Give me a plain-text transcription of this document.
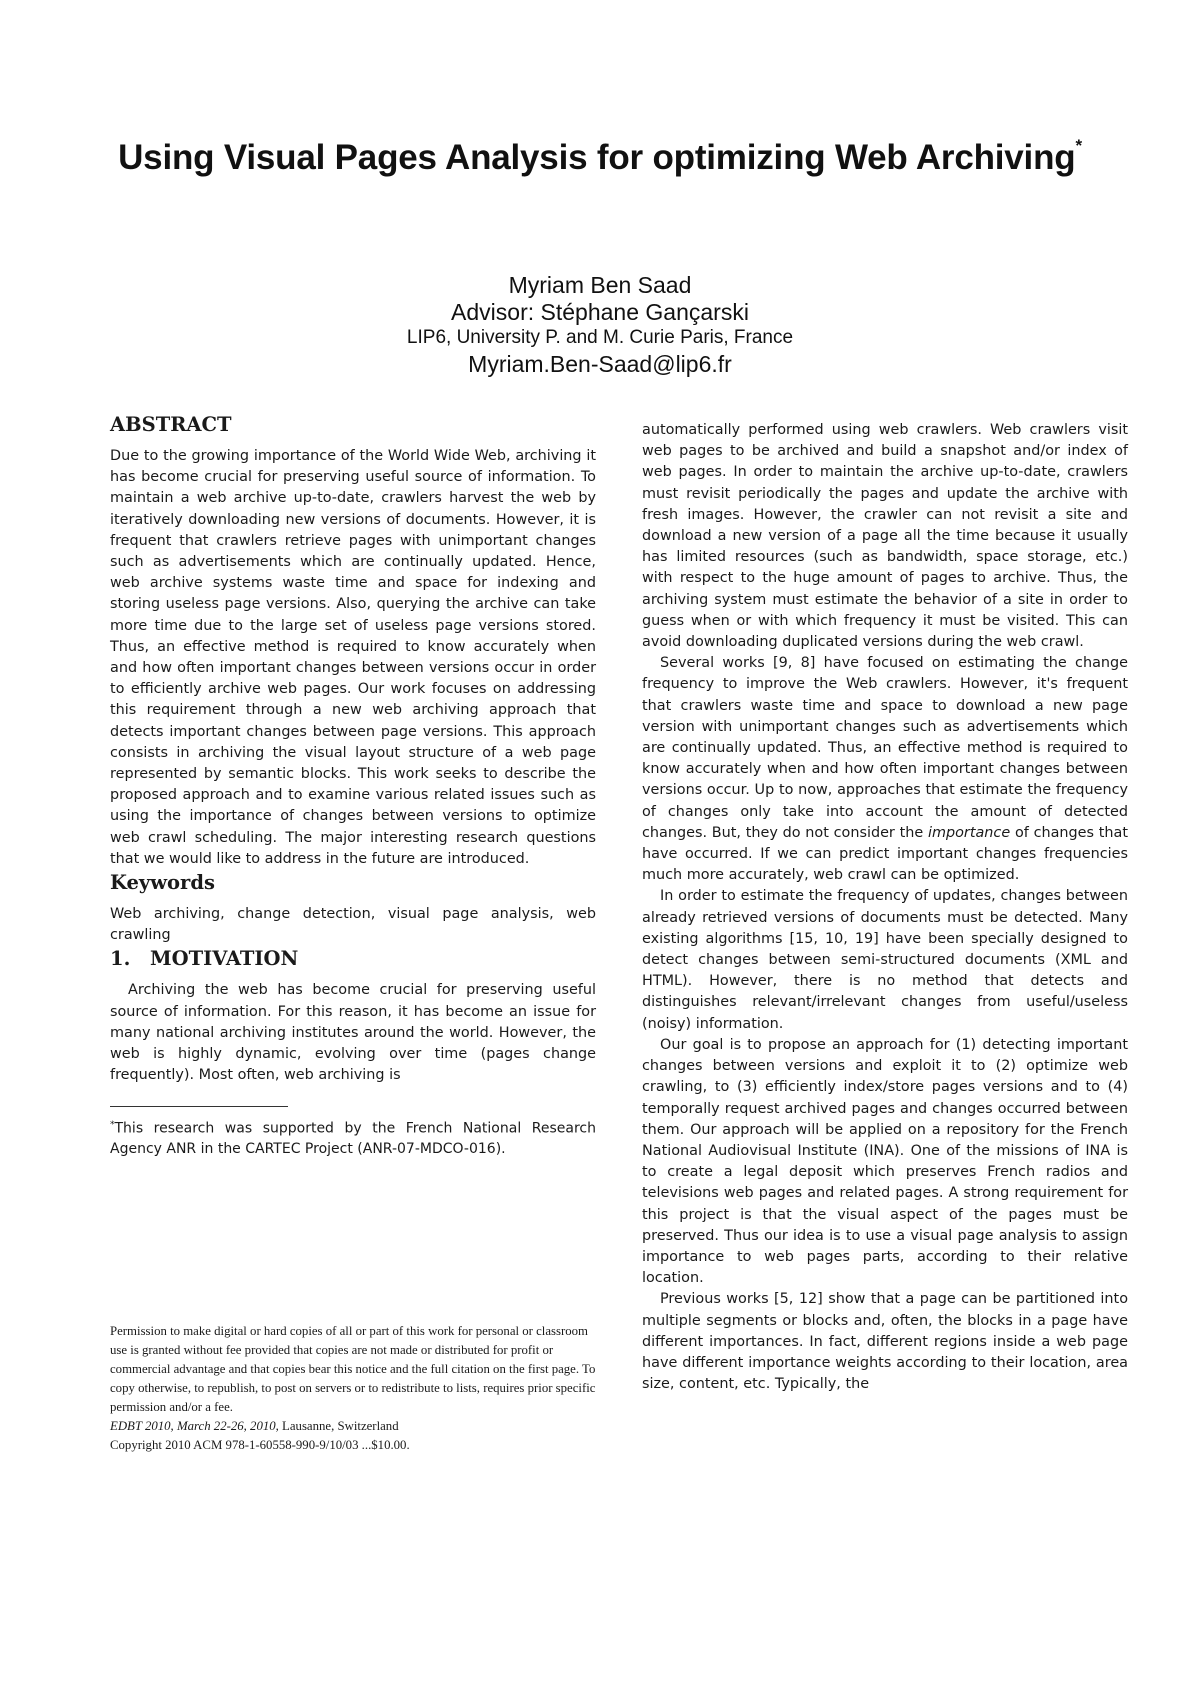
Using Visual Pages Analysis for optimizing Web Archiving*

Myriam Ben Saad

Advisor: Stéphane Gançarski

LIP6, University P. and M. Curie Paris, France

Myriam.Ben-Saad@lip6.fr

ABSTRACT

Due to the growing importance of the World Wide Web, archiving it has become crucial for preserving useful source of information. To maintain a web archive up-to-date, crawlers harvest the web by iteratively downloading new versions of documents. However, it is frequent that crawlers retrieve pages with unimportant changes such as advertisements which are continually updated. Hence, web archive systems waste time and space for indexing and storing useless page versions. Also, querying the archive can take more time due to the large set of useless page versions stored. Thus, an effective method is required to know accurately when and how often important changes between versions occur in order to efficiently archive web pages. Our work focuses on addressing this requirement through a new web archiving approach that detects important changes between page versions. This approach consists in archiving the visual layout structure of a web page represented by semantic blocks. This work seeks to describe the proposed approach and to examine various related issues such as using the importance of changes between versions to optimize web crawl scheduling. The major interesting research questions that we would like to address in the future are introduced.

Keywords

Web archiving, change detection, visual page analysis, web crawling

1. MOTIVATION

Archiving the web has become crucial for preserving useful source of information. For this reason, it has become an issue for many national archiving institutes around the world. However, the web is highly dynamic, evolving over time (pages change frequently). Most often, web archiving is

*This research was supported by the French National Research Agency ANR in the CARTEC Project (ANR-07-MDCO-016).

Permission to make digital or hard copies of all or part of this work for personal or classroom use is granted without fee provided that copies are not made or distributed for profit or commercial advantage and that copies bear this notice and the full citation on the first page. To copy otherwise, to republish, to post on servers or to redistribute to lists, requires prior specific permission and/or a fee.

EDBT 2010, March 22-26, 2010, Lausanne, Switzerland

Copyright 2010 ACM 978-1-60558-990-9/10/03 ...$10.00.

automatically performed using web crawlers. Web crawlers visit web pages to be archived and build a snapshot and/or index of web pages. In order to maintain the archive up-to-date, crawlers must revisit periodically the pages and update the archive with fresh images. However, the crawler can not revisit a site and download a new version of a page all the time because it usually has limited resources (such as bandwidth, space storage, etc.) with respect to the huge amount of pages to archive. Thus, the archiving system must estimate the behavior of a site in order to guess when or with which frequency it must be visited. This can avoid downloading duplicated versions during the web crawl.

Several works [9, 8] have focused on estimating the change frequency to improve the Web crawlers. However, it's frequent that crawlers waste time and space to download a new page version with unimportant changes such as advertisements which are continually updated. Thus, an effective method is required to know accurately when and how often important changes between versions occur. Up to now, approaches that estimate the frequency of changes only take into account the amount of detected changes. But, they do not consider the importance of changes that have occurred. If we can predict important changes frequencies much more accurately, web crawl can be optimized.

In order to estimate the frequency of updates, changes between already retrieved versions of documents must be detected. Many existing algorithms [15, 10, 19] have been specially designed to detect changes between semi-structured documents (XML and HTML). However, there is no method that detects and distinguishes relevant/irrelevant changes from useful/useless (noisy) information.

Our goal is to propose an approach for (1) detecting important changes between versions and exploit it to (2) optimize web crawling, to (3) efficiently index/store pages versions and to (4) temporally request archived pages and changes occurred between them. Our approach will be applied on a repository for the French National Audiovisual Institute (INA). One of the missions of INA is to create a legal deposit which preserves French radios and televisions web pages and related pages. A strong requirement for this project is that the visual aspect of the pages must be preserved. Thus our idea is to use a visual page analysis to assign importance to web pages parts, according to their relative location.

Previous works [5, 12] show that a page can be partitioned into multiple segments or blocks and, often, the blocks in a page have different importances. In fact, different regions inside a web page have different importance weights according to their location, area size, content, etc. Typically, the
